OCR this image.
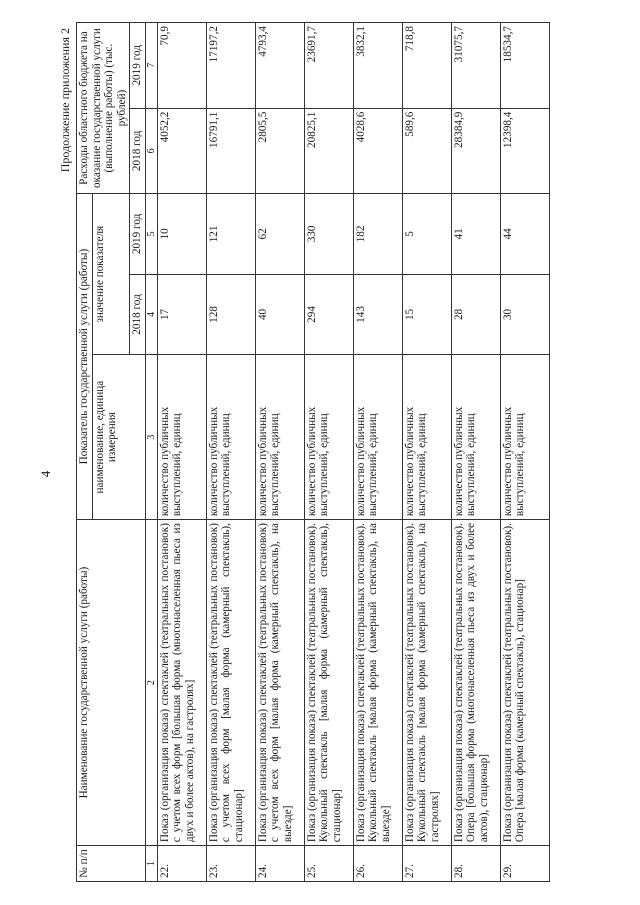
4
Продолжение приложения 2
№ п/п	Наименование государственной услуги (работы)	Показатель государственной услуги (работы)			Расходы областного бюджета на оказание государственной услуги (выполнение работы) (тыс. рублей)	
		наименование, единица измерения	значение показателя			
			2018 год	2019 год	2018 год	2019 год
1	2	3	4	5	6	7
22.	Показ (организация показа) спектаклей (театральных постановок) с учетом всех форм [большая форма (многонаселенная пьеса из двух и более актов), на гастролях]	количество публичных выступлений, единиц	17	10	4052,2	70,9
23.	Показ (организация показа) спектаклей (театральных постановок) с учетом всех форм [малая форма (камерный спектакль), стационар]	количество публичных выступлений, единиц	128	121	16791,1	17197,2
24.	Показ (организация показа) спектаклей (театральных постановок) с учетом всех форм [малая форма (камерный спектакль), на выезде]	количество публичных выступлений, единиц	40	62	2805,5	4793,4
25.	Показ (организация показа) спектаклей (театральных постановок). Кукольный спектакль [малая форма (камерный спектакль), стационар]	количество публичных выступлений, единиц	294	330	20825,1	23691,7
26.	Показ (организация показа) спектаклей (театральных постановок). Кукольный спектакль [малая форма (камерный спектакль), на выезде]	количество публичных выступлений, единиц	143	182	4028,6	3832,1
27.	Показ (организация показа) спектаклей (театральных постановок). Кукольный спектакль [малая форма (камерный спектакль), на гастролях]	количество публичных выступлений, единиц	15	5	589,6	718,8
28.	Показ (организация показа) спектаклей (театральных постановок). Опера [большая форма (многонаселенная пьеса из двух и более актов), стационар]	количество публичных выступлений, единиц	28	41	28384,9	31075,7
29.	Показ (организация показа) спектаклей (театральных постановок). Опера [малая форма (камерный спектакль), стационар]	количество публичных выступлений, единиц	30	44	12398,4	18534,7
